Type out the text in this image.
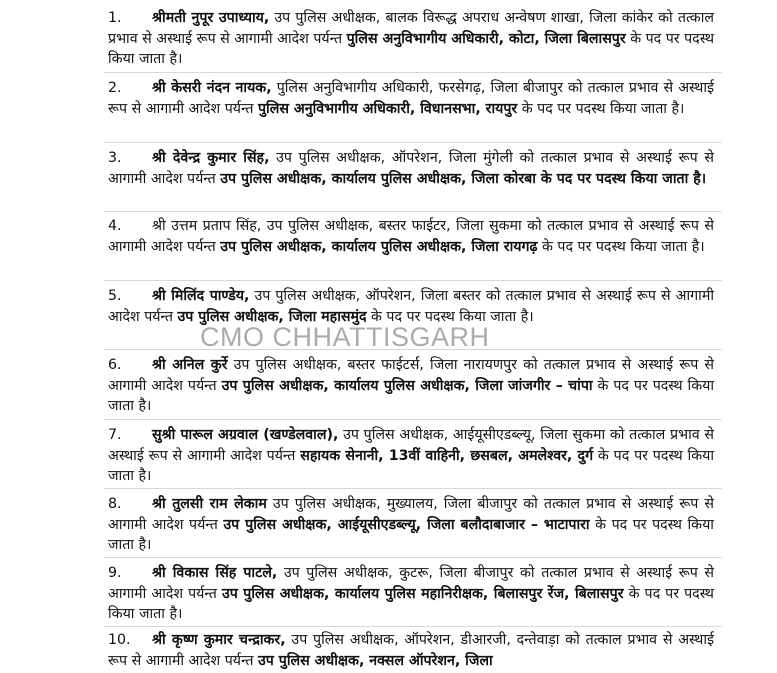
1. श्रीमती नुपूर उपाध्याय, उप पुलिस अधीक्षक, बालक विरूद्ध अपराध अन्वेषण शाखा, जिला कांकेर को तत्काल प्रभाव से अस्थाई रूप से आगामी आदेश पर्यन्त पुलिस अनुविभागीय अधिकारी, कोटा, जिला बिलासपुर के पद पर पदस्थ किया जाता है।
2. श्री केसरी नंदन नायक, पुलिस अनुविभागीय अधिकारी, फरसेगढ़, जिला बीजापुर को तत्काल प्रभाव से अस्थाई रूप से आगामी आदेश पर्यन्त पुलिस अनुविभागीय अधिकारी, विधानसभा, रायपुर के पद पर पदस्थ किया जाता है।
3. श्री देवेन्द्र कुमार सिंह, उप पुलिस अधीक्षक, ऑपरेशन, जिला मुंगेली को तत्काल प्रभाव से अस्थाई रूप से आगामी आदेश पर्यन्त उप पुलिस अधीक्षक, कार्यालय पुलिस अधीक्षक, जिला कोरबा के पद पर पदस्थ किया जाता है।
4. श्री उत्तम प्रताप सिंह, उप पुलिस अधीक्षक, बस्तर फाईटर, जिला सुकमा को तत्काल प्रभाव से अस्थाई रूप से आगामी आदेश पर्यन्त उप पुलिस अधीक्षक, कार्यालय पुलिस अधीक्षक, जिला रायगढ़ के पद पर पदस्थ किया जाता है।
5. श्री मिलिंद पाण्डेय, उप पुलिस अधीक्षक, ऑपरेशन, जिला बस्तर को तत्काल प्रभाव से अस्थाई रूप से आगामी आदेश पर्यन्त उप पुलिस अधीक्षक, जिला महासमुंद के पद पर पदस्थ किया जाता है।
6. श्री अनिल कुर्रे उप पुलिस अधीक्षक, बस्तर फाईटर्स, जिला नारायणपुर को तत्काल प्रभाव से अस्थाई रूप से आगामी आदेश पर्यन्त उप पुलिस अधीक्षक, कार्यालय पुलिस अधीक्षक, जिला जांजगीर – चांपा के पद पर पदस्थ किया जाता है।
7. सुश्री पारूल अग्रवाल (खण्डेलवाल), उप पुलिस अधीक्षक, आईयूसीएडब्ल्यू, जिला सुकमा को तत्काल प्रभाव से अस्थाई रूप से आगामी आदेश पर्यन्त सहायक सेनानी, 13वीं वाहिनी, छसबल, अमलेश्वर, दुर्ग के पद पर पदस्थ किया जाता है।
8. श्री तुलसी राम लेकाम उप पुलिस अधीक्षक, मुख्यालय, जिला बीजापुर को तत्काल प्रभाव से अस्थाई रूप से आगामी आदेश पर्यन्त उप पुलिस अधीक्षक, आईयूसीएडब्ल्यू, जिला बलौदाबाजार – भाटापारा के पद पर पदस्थ किया जाता है।
9. श्री विकास सिंह पाटले, उप पुलिस अधीक्षक, कुटरू, जिला बीजापुर को तत्काल प्रभाव से अस्थाई रूप से आगामी आदेश पर्यन्त उप पुलिस अधीक्षक, कार्यालय पुलिस महानिरीक्षक, बिलासपुर रेंज, बिलासपुर के पद पर पदस्थ किया जाता है।
10. श्री कृष्ण कुमार चन्द्राकर, उप पुलिस अधीक्षक, ऑपरेशन, डीआरजी, दन्तेवाड़ा को तत्काल प्रभाव से अस्थाई रूप से आगामी आदेश पर्यन्त उप पुलिस अधीक्षक, नक्सल ऑपरेशन, जिला
CMO CHHATTISGARH
